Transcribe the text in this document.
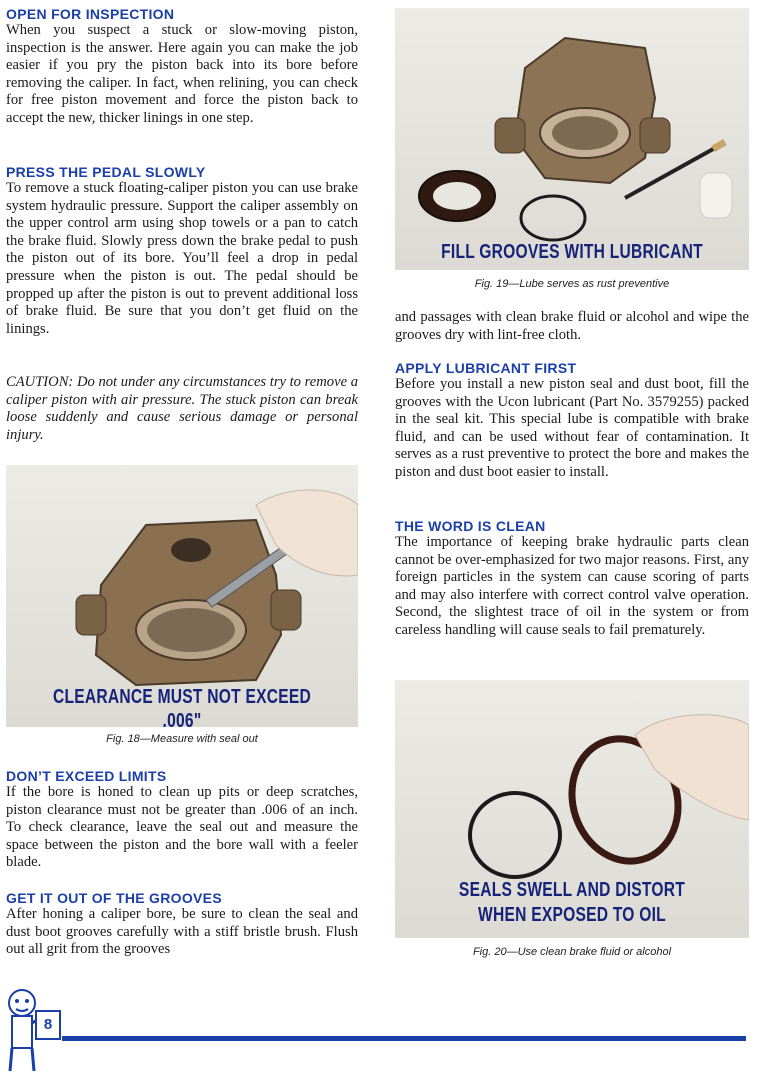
OPEN FOR INSPECTION

When you suspect a stuck or slow-moving piston, inspection is the answer. Here again you can make the job easier if you pry the piston back into its bore before removing the caliper. In fact, when relining, you can check for free piston movement and force the piston back to accept the new, thicker linings in one step.

PRESS THE PEDAL SLOWLY

To remove a stuck floating-caliper piston you can use brake system hydraulic pressure. Support the caliper assembly on the upper control arm using shop towels or a pan to catch the brake fluid. Slowly press down the brake pedal to push the piston out of its bore. You’ll feel a drop in pedal pressure when the piston is out. The pedal should be propped up after the piston is out to prevent additional loss of brake fluid. Be sure that you don’t get fluid on the linings.

CAUTION: Do not under any circumstances try to remove a caliper piston with air pressure. The stuck piston can break loose suddenly and cause serious damage or personal injury.

CLEARANCE MUST NOT EXCEED .006"
Fig. 18—Measure with seal out
DON’T EXCEED LIMITS

If the bore is honed to clean up pits or deep scratches, piston clearance must not be greater than .006 of an inch. To check clearance, leave the seal out and measure the space between the piston and the bore wall with a feeler blade.

GET IT OUT OF THE GROOVES

After honing a caliper bore, be sure to clean the seal and dust boot grooves carefully with a stiff bristle brush. Flush out all grit from the grooves

FILL GROOVES WITH LUBRICANT
Fig. 19—Lube serves as rust preventive

and passages with clean brake fluid or alcohol and wipe the grooves dry with lint-free cloth.

APPLY LUBRICANT FIRST

Before you install a new piston seal and dust boot, fill the grooves with the Ucon lubricant (Part No. 3579255) packed in the seal kit. This special lube is compatible with brake fluid, and can be used without fear of contamination. It serves as a rust preventive to protect the bore and makes the piston and dust boot easier to install.

THE WORD IS CLEAN

The importance of keeping brake hydraulic parts clean cannot be over-emphasized for two major reasons. First, any foreign particles in the system can cause scoring of parts and may also interfere with correct control valve operation. Second, the slightest trace of oil in the system or from careless handling will cause seals to fail prematurely.

SEALS SWELL AND DISTORT
WHEN EXPOSED TO OIL
Fig. 20—Use clean brake fluid or alcohol
8
